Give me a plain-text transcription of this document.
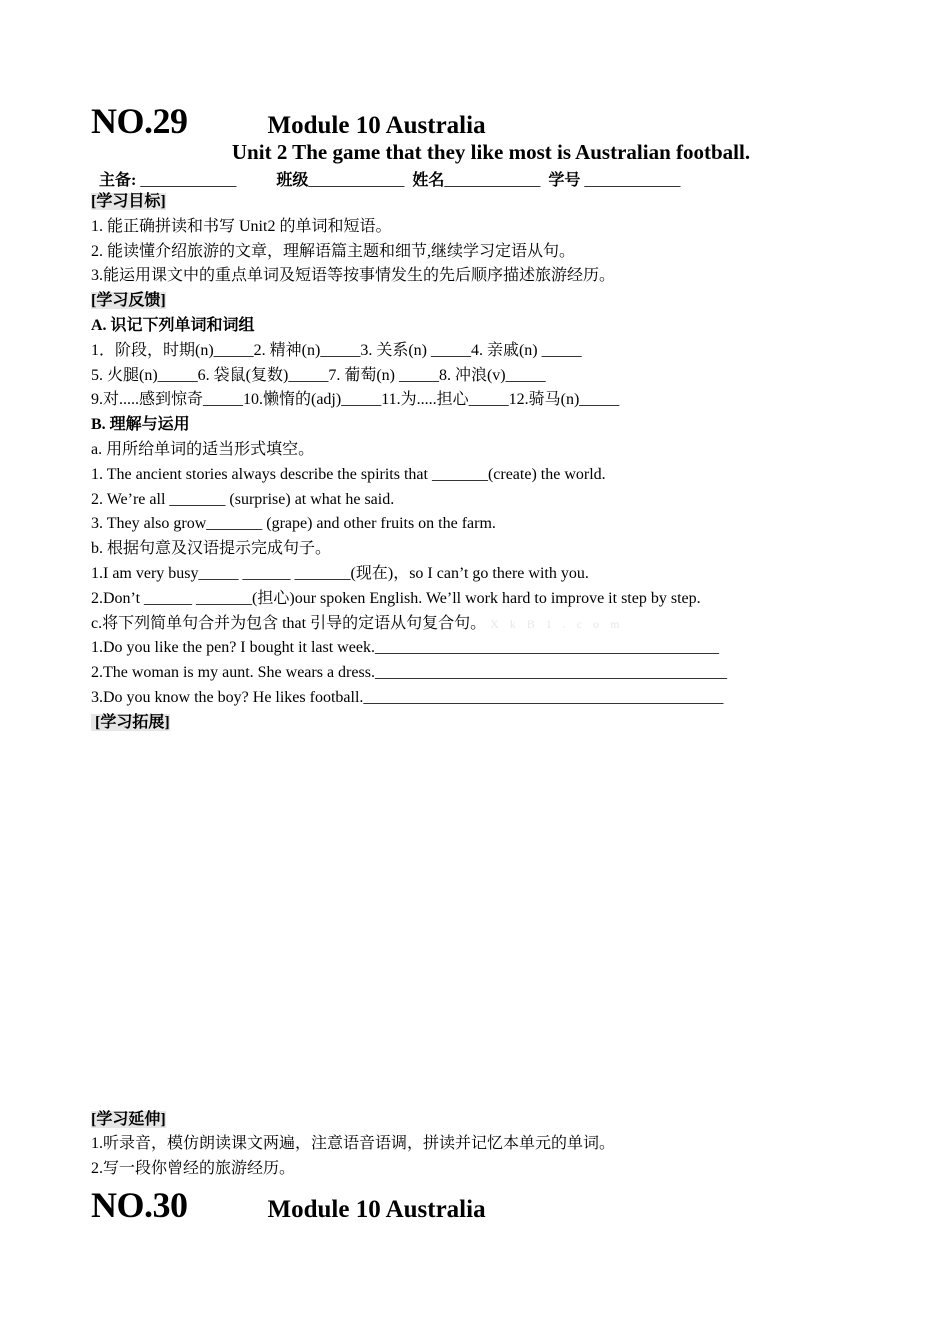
NO.29	Module 10 Australia
Unit 2 The game that they like most is Australian football.
主备: ____________	班级____________ 姓名____________ 学号 ____________
[学习目标]
1. 能正确拼读和书写 Unit2 的单词和短语。
2. 能读懂介绍旅游的文章，理解语篇主题和细节,继续学习定语从句。
3.能运用课文中的重点单词及短语等按事情发生的先后顺序描述旅游经历。
[学习反馈]
A. 识记下列单词和词组
1．阶段，时期(n)_____2. 精神(n)_____3. 关系(n) _____4. 亲戚(n) _____
5. 火腿(n)_____6. 袋鼠(复数)_____7. 葡萄(n) _____8. 冲浪(v)_____
9.对.....感到惊奇_____10.懒惰的(adj)_____11.为.....担心_____12.骑马(n)_____
B. 理解与运用
a. 用所给单词的适当形式填空。
1. The ancient stories always describe the spirits that _______(create) the world.
2. We’re all _______ (surprise) at what he said.
3. They also grow_______ (grape) and other fruits on the farm.
b. 根据句意及汉语提示完成句子。
1.I am very busy_____ ______ _______(现在)，so I can’t go there with you.
2.Don’t ______ _______(担心)our spoken English. We’ll work hard to improve it step by step.
c.将下列简单句合并为包含 that 引导的定语从句复合句。 X k B 1 . c o m
1.Do you like the pen? I bought it last week.___________________________________________
2.The woman is my aunt. She wears a dress.____________________________________________
3.Do you know the boy? He likes football._____________________________________________
[学习拓展]
[学习延伸]
1.听录音，模仿朗读课文两遍，注意语音语调，拼读并记忆本单元的单词。
2.写一段你曾经的旅游经历。
NO.30	Module 10 Australia
